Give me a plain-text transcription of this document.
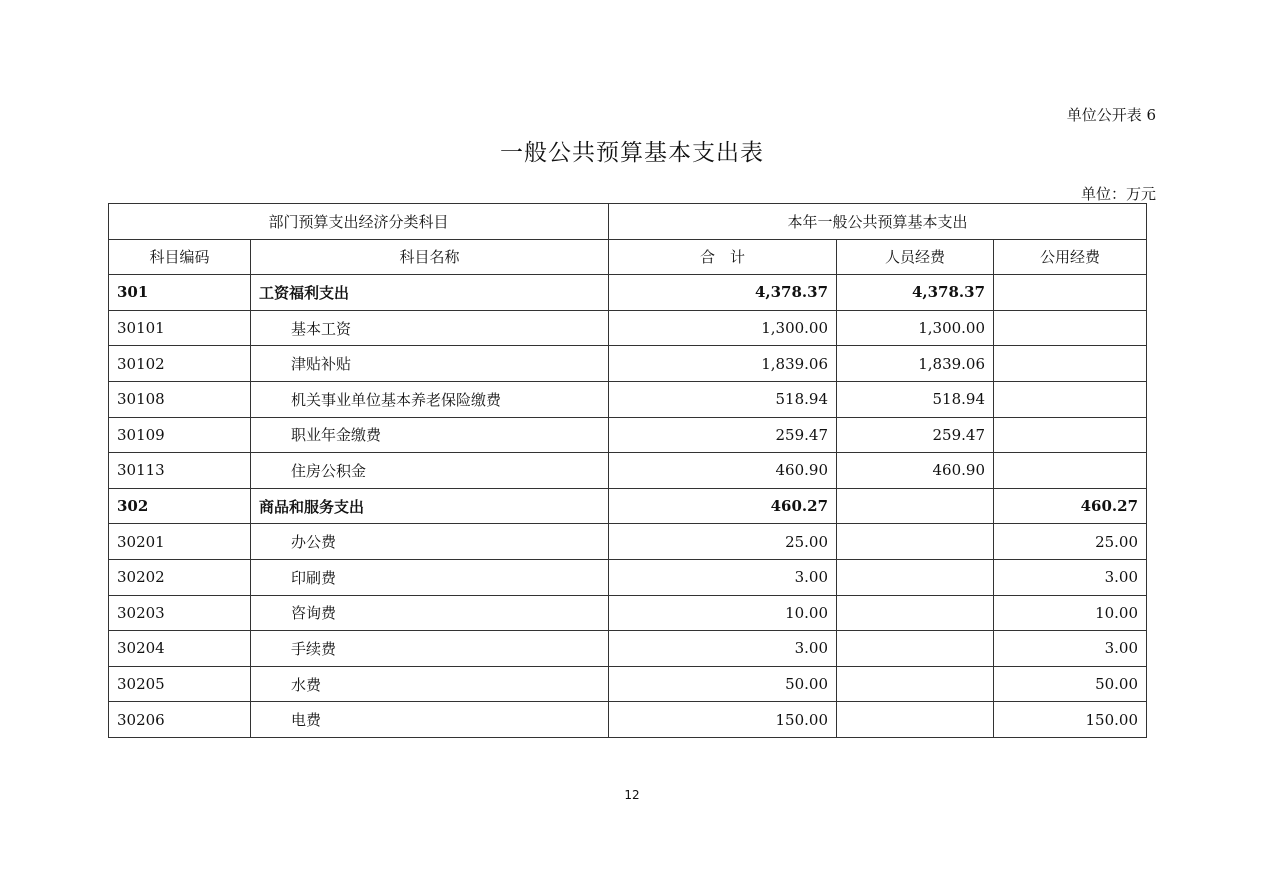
单位公开表 6
一般公共预算基本支出表
单位：万元
部门预算支出经济分类科目		本年一般公共预算基本支出		
科目编码	科目名称	合　计	人员经费	公用经费
301	工资福利支出	4,378.37	4,378.37	
30101	基本工资	1,300.00	1,300.00	
30102	津贴补贴	1,839.06	1,839.06	
30108	机关事业单位基本养老保险缴费	518.94	518.94	
30109	职业年金缴费	259.47	259.47	
30113	住房公积金	460.90	460.90	
302	商品和服务支出	460.27		460.27
30201	办公费	25.00		25.00
30202	印刷费	3.00		3.00
30203	咨询费	10.00		10.00
30204	手续费	3.00		3.00
30205	水费	50.00		50.00
30206	电费	150.00		150.00
12
